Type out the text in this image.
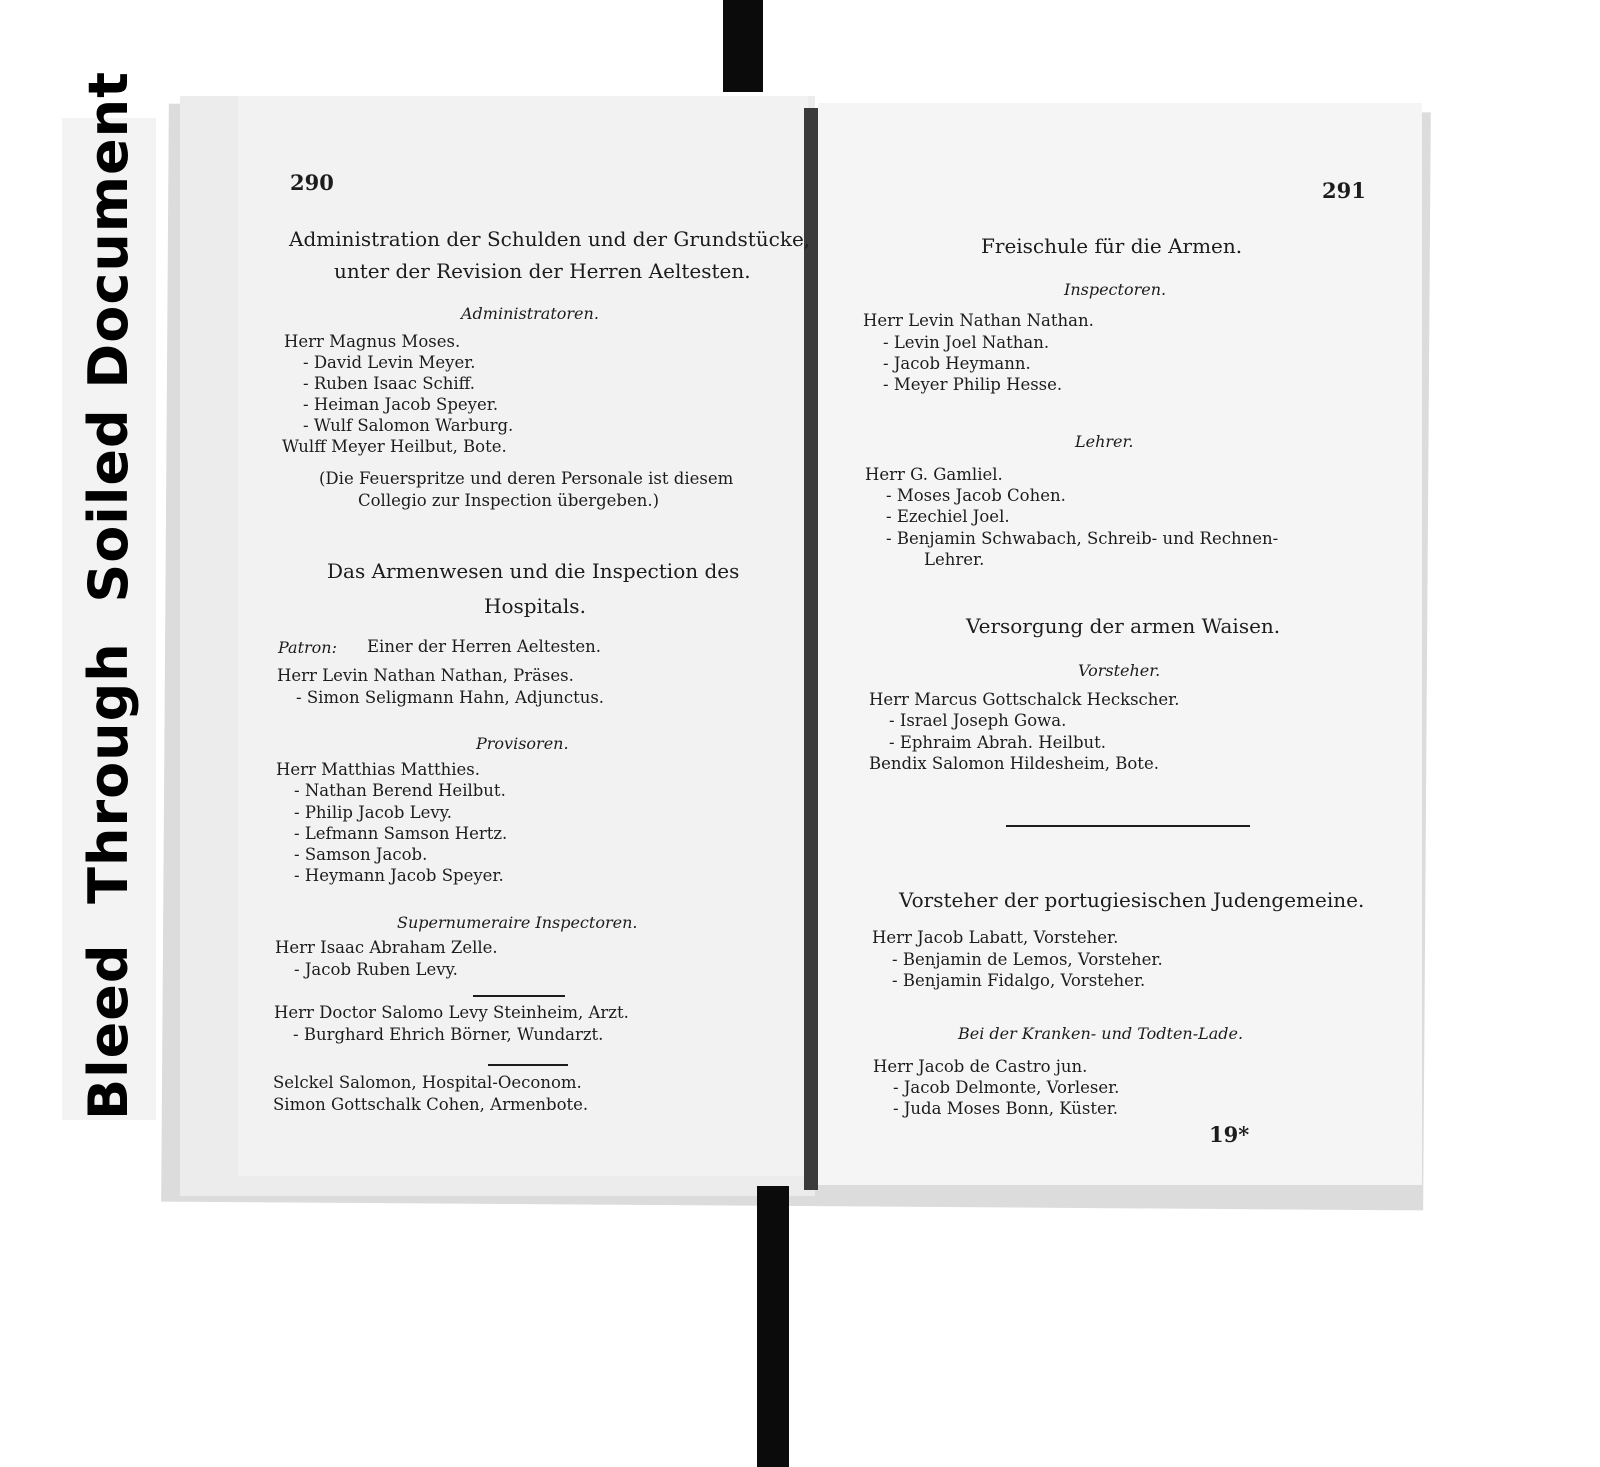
Bleed  Through  Soiled Document	290
Administration der Schulden und der Grundstücke,
unter der Revision der Herren Aeltesten.
Administratoren.
Herr Magnus Moses.
- David Levin Meyer.
- Ruben Isaac Schiff.
- Heiman Jacob Speyer.
- Wulf Salomon Warburg.
Wulff Meyer Heilbut, Bote.
(Die Feuerspritze und deren Personale ist diesem
Collegio zur Inspection übergeben.)
Das Armenwesen und die Inspection des
Hospitals.
Patron: Einer der Herren Aeltesten.
Herr Levin Nathan Nathan, Präses.
- Simon Seligmann Hahn, Adjunctus.
Provisoren.
Herr Matthias Matthies.
- Nathan Berend Heilbut.
- Philip Jacob Levy.
- Lefmann Samson Hertz.
- Samson Jacob.
- Heymann Jacob Speyer.
Supernumeraire Inspectoren.
Herr Isaac Abraham Zelle.
- Jacob Ruben Levy.
Herr Doctor Salomo Levy Steinheim, Arzt.
- Burghard Ehrich Börner, Wundarzt.
Selckel Salomon, Hospital-Oeconom.
Simon Gottschalk Cohen, Armenbote.
291
Freischule für die Armen.
Inspectoren.
Herr Levin Nathan Nathan.
- Levin Joel Nathan.
- Jacob Heymann.
- Meyer Philip Hesse.
Lehrer.
Herr G. Gamliel.
- Moses Jacob Cohen.
- Ezechiel Joel.
- Benjamin Schwabach, Schreib- und Rechnen-
Lehrer.
Versorgung der armen Waisen.
Vorsteher.
Herr Marcus Gottschalck Heckscher.
- Israel Joseph Gowa.
- Ephraim Abrah. Heilbut.
Bendix Salomon Hildesheim, Bote.
Vorsteher der portugiesischen Judengemeine.
Herr Jacob Labatt, Vorsteher.
- Benjamin de Lemos, Vorsteher.
- Benjamin Fidalgo, Vorsteher.
Bei der Kranken- und Todten-Lade.
Herr Jacob de Castro jun.
- Jacob Delmonte, Vorleser.
- Juda Moses Bonn, Küster.
19*
